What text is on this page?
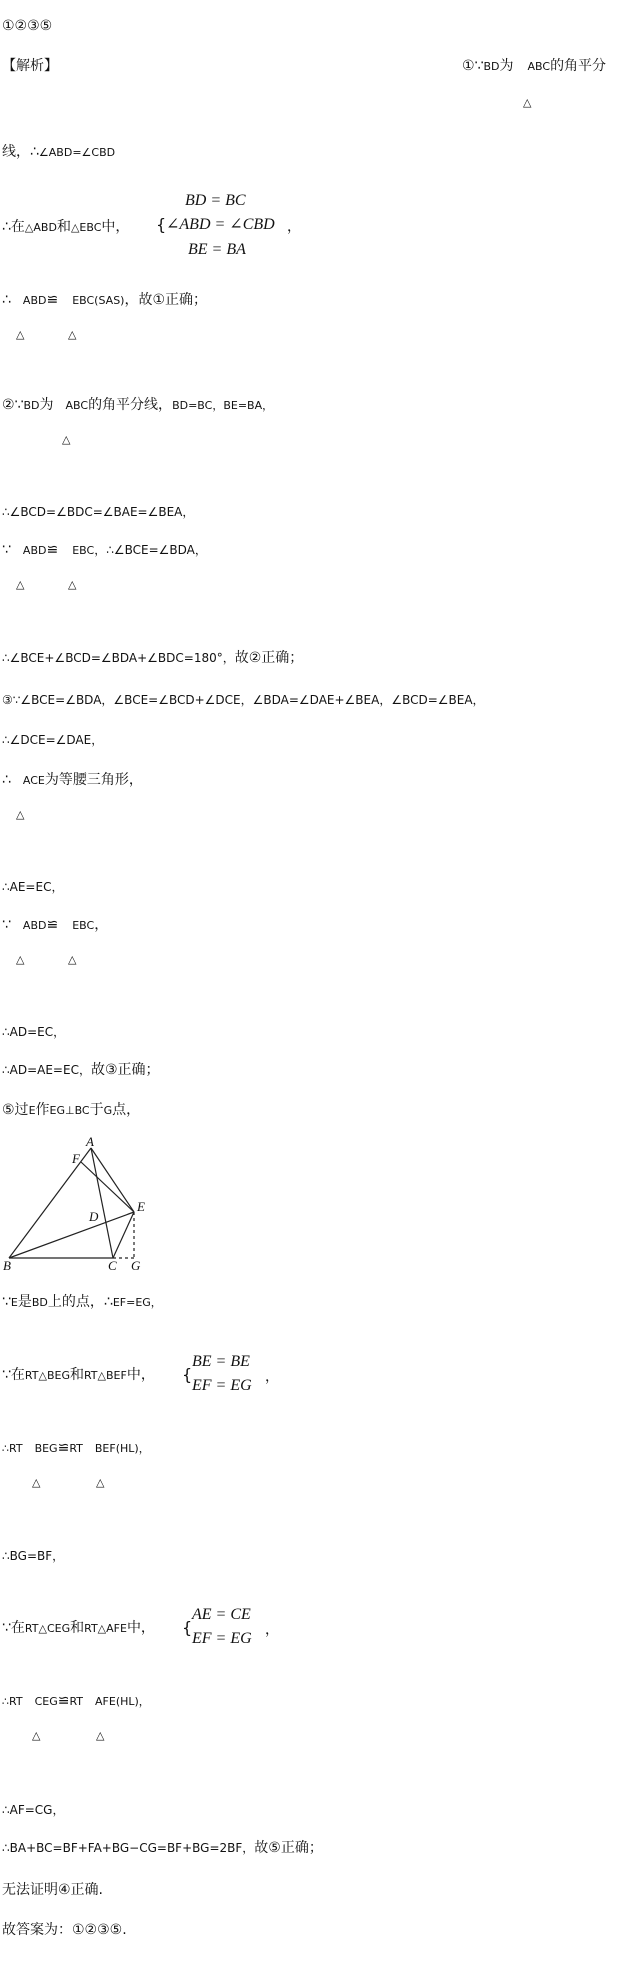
①②③⑤
【解析】	①∵BD为 ABC的角平分
△
线，∴∠ABD=∠CBD
∴在△ABD和△EBC中， {
BD = BC
∠ABD = ∠CBD
BE = BA
，
∴ ABD≌ EBC(SAS)，故①正确；
△	△
②∵BD为 ABC的角平分线，BD=BC，BE=BA，
△
∴∠BCD=∠BDC=∠BAE=∠BEA，
∵ ABD≌ EBC，∴∠BCE=∠BDA，
△	△
∴∠BCE+∠BCD=∠BDA+∠BDC=180°，故②正确；
③∵∠BCE=∠BDA，∠BCE=∠BCD+∠DCE，∠BDA=∠DAE+∠BEA，∠BCD=∠BEA，
∴∠DCE=∠DAE，
∴ ACE为等腰三角形，
△
∴AE=EC，
∵ ABD≌ EBC，
△	△
∴AD=EC，
∴AD=AE=EC，故③正确；
⑤过E作EG⊥BC于G点，
A
F
E
D
B	C G
∵E是BD上的点，∴EF=EG，
∵在RT△BEG和RT△BEF中， {
BE = BE
EF = EG ，
∴RT BEG≌RT BEF(HL)，
△	△
∴BG=BF，
∵在RT△CEG和RT△AFE中， {
AE = CE
EF = EG ，
∴RT CEG≌RT AFE(HL)，
△	△
∴AF=CG，
∴BA+BC=BF+FA+BG−CG=BF+BG=2BF，故⑤正确；
无法证明④正确.
故答案为：①②③⑤.
